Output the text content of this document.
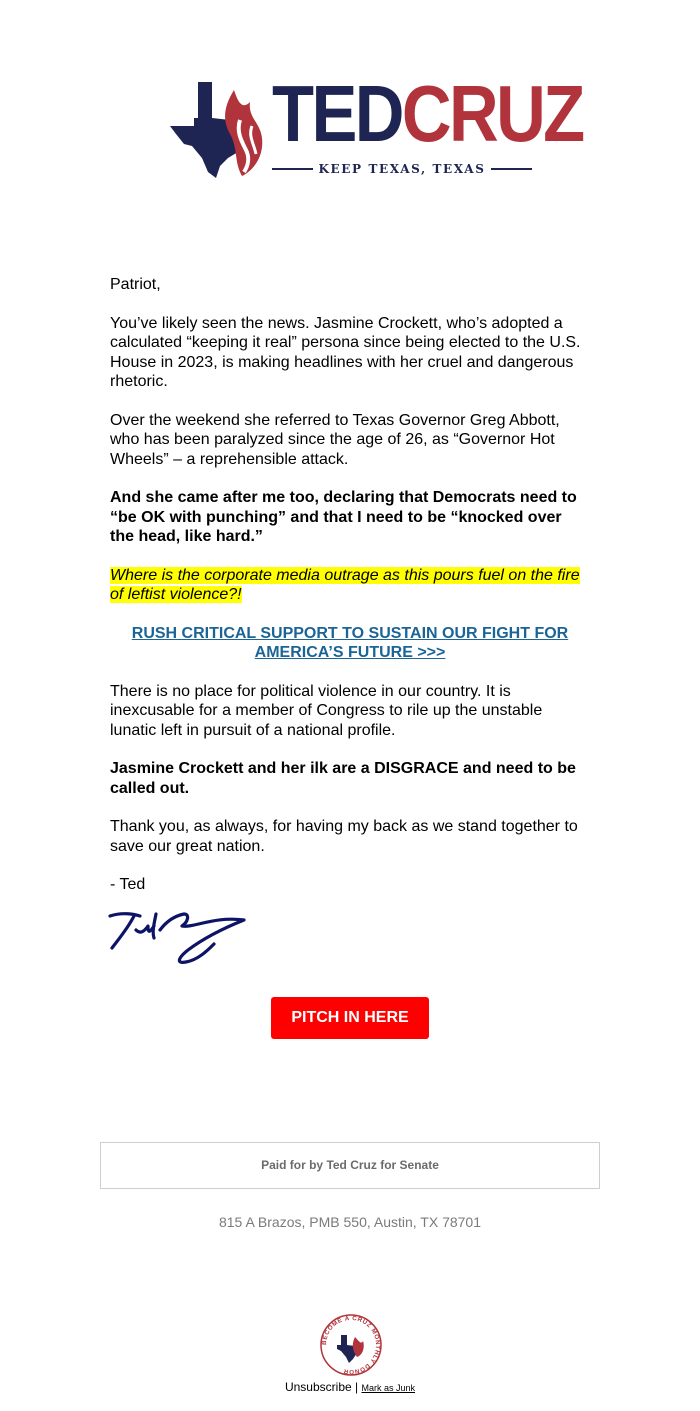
TEDCRUZ
KEEP TEXAS, TEXAS

Patriot,

You’ve likely seen the news. Jasmine Crockett, who’s adopted a calculated “keeping it real” persona since being elected to the U.S. House in 2023, is making headlines with her cruel and dangerous rhetoric.

Over the weekend she referred to Texas Governor Greg Abbott, who has been paralyzed since the age of 26, as “Governor Hot Wheels” – a reprehensible attack.

And she came after me too, declaring that Democrats need to “be OK with punching” and that I need to be “knocked over the head, like hard.”

Where is the corporate media outrage as this pours fuel on the fire of leftist violence?!

RUSH CRITICAL SUPPORT TO SUSTAIN OUR FIGHT FOR AMERICA’S FUTURE >>>

There is no place for political violence in our country. It is inexcusable for a member of Congress to rile up the unstable lunatic left in pursuit of a national profile.

Jasmine Crockett and her ilk are a DISGRACE and need to be called out.

Thank you, as always, for having my back as we stand together to save our great nation.

- Ted

PITCH IN HERE
Paid for by Ted Cruz for Senate
815 A Brazos, PMB 550, Austin, TX 78701
BECOME A CRUZ MONTHLY DONOR
Unsubscribe | Mark as Junk
